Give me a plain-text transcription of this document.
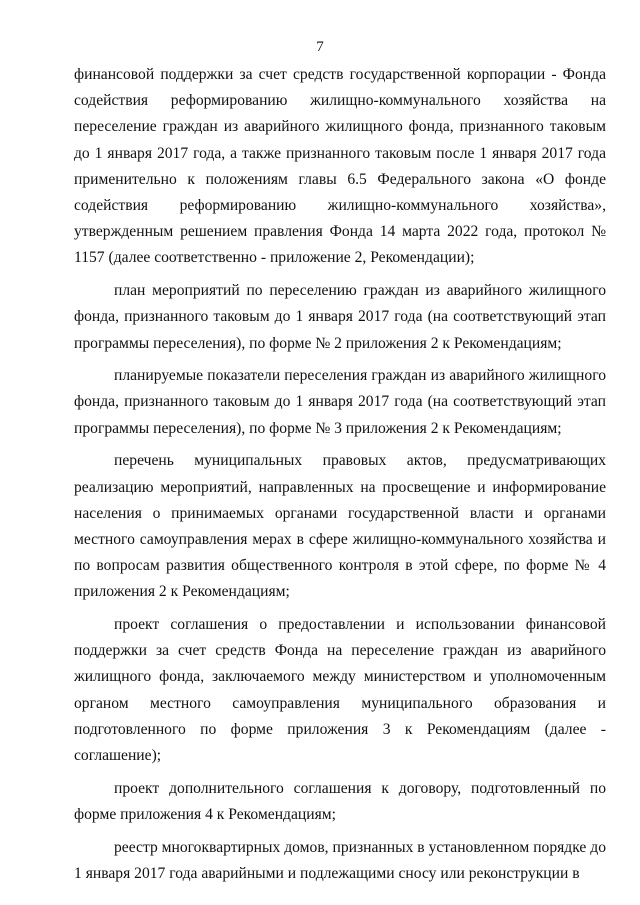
7

финансовой поддержки за счет средств государственной корпорации - Фонда содействия реформированию жилищно-коммунального хозяйства на переселение граждан из аварийного жилищного фонда, признанного таковым до 1 января 2017 года, а также признанного таковым после 1 января 2017 года применительно к положениям главы 6.5 Федерального закона «О фонде содействия реформированию жилищно-коммунального хозяйства», утвержденным решением правления Фонда 14 марта 2022 года, протокол № 1157 (далее соответственно - приложение 2, Рекомендации);

план мероприятий по переселению граждан из аварийного жилищного фонда, признанного таковым до 1 января 2017 года (на соответствующий этап программы переселения), по форме № 2 приложения 2 к Рекомендациям;

планируемые показатели переселения граждан из аварийного жилищного фонда, признанного таковым до 1 января 2017 года (на соответствующий этап программы переселения), по форме № 3 приложения 2 к Рекомендациям;

перечень муниципальных правовых актов, предусматривающих реализацию мероприятий, направленных на просвещение и информирование населения о принимаемых органами государственной власти и органами местного самоуправления мерах в сфере жилищно-коммунального хозяйства и по вопросам развития общественного контроля в этой сфере, по форме № 4 приложения 2 к Рекомендациям;

проект соглашения о предоставлении и использовании финансовой поддержки за счет средств Фонда на переселение граждан из аварийного жилищного фонда, заключаемого между министерством и уполномоченным органом местного самоуправления муниципального образования и подготовленного по форме приложения 3 к Рекомендациям (далее - соглашение);

проект дополнительного соглашения к договору, подготовленный по форме приложения 4 к Рекомендациям;

реестр многоквартирных домов, признанных в установленном порядке до 1 января 2017 года аварийными и подлежащими сносу или реконструкции в
